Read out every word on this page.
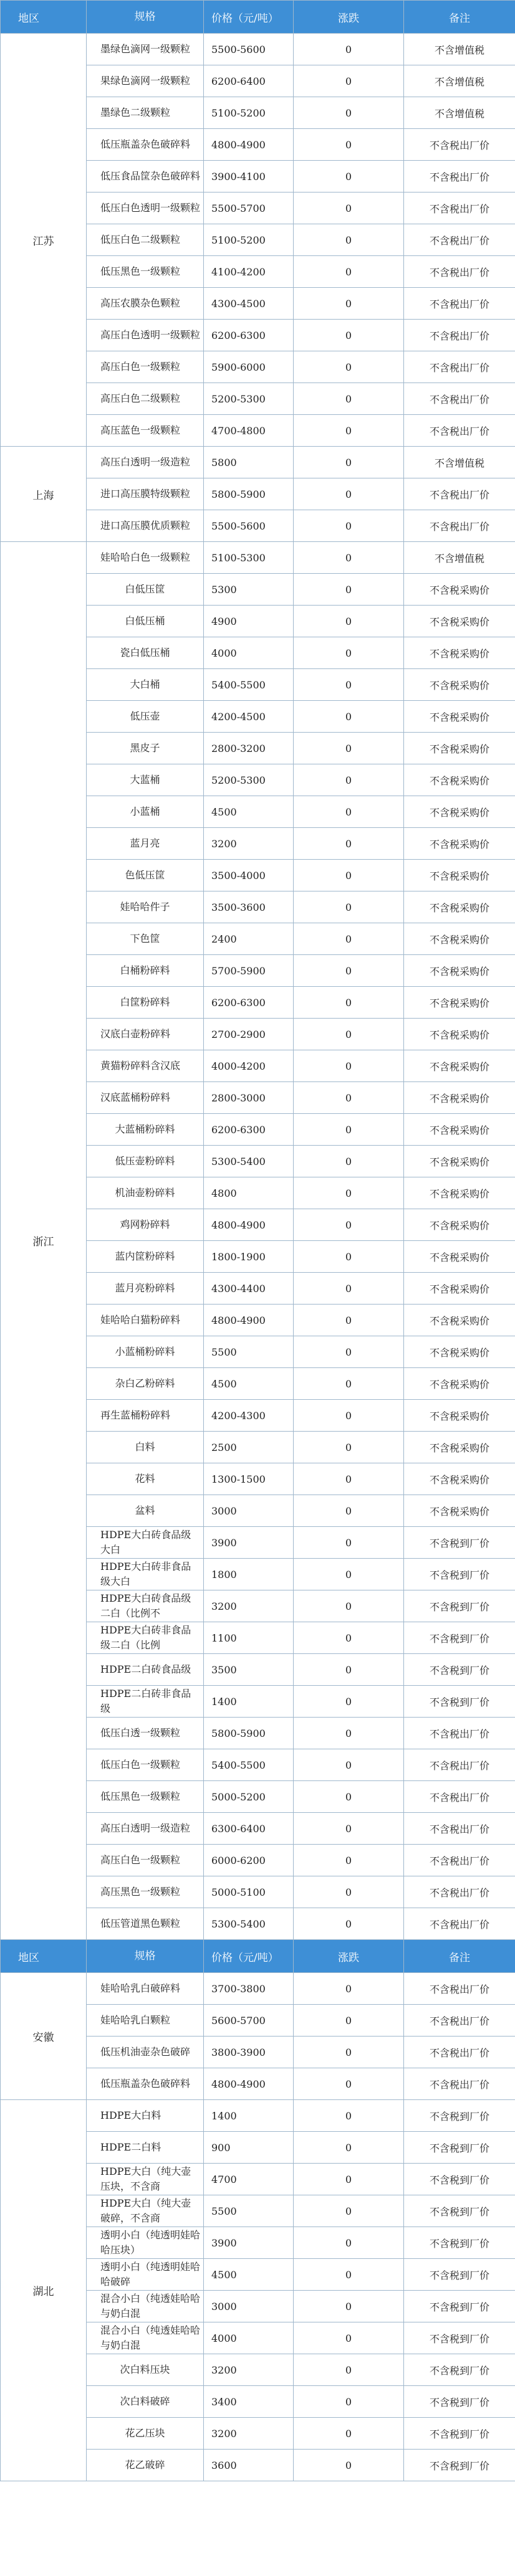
地区	规格	价格（元/吨）	涨跌	备注
江苏	墨绿色滴网一级颗粒	5500-5600	0	不含增值税
	果绿色滴网一级颗粒	6200-6400	0	不含增值税
	墨绿色二级颗粒	5100-5200	0	不含增值税
	低压瓶盖杂色破碎料	4800-4900	0	不含税出厂价
	低压食品筐杂色破碎料	3900-4100	0	不含税出厂价
	低压白色透明一级颗粒	5500-5700	0	不含税出厂价
	低压白色二级颗粒	5100-5200	0	不含税出厂价
	低压黑色一级颗粒	4100-4200	0	不含税出厂价
	高压农膜杂色颗粒	4300-4500	0	不含税出厂价
	高压白色透明一级颗粒	6200-6300	0	不含税出厂价
	高压白色一级颗粒	5900-6000	0	不含税出厂价
	高压白色二级颗粒	5200-5300	0	不含税出厂价
	高压蓝色一级颗粒	4700-4800	0	不含税出厂价
上海	高压白透明一级造粒	5800	0	不含增值税
	进口高压膜特级颗粒	5800-5900	0	不含税出厂价
	进口高压膜优质颗粒	5500-5600	0	不含税出厂价
浙江	娃哈哈白色一级颗粒	5100-5300	0	不含增值税
	白低压筐	5300	0	不含税采购价
	白低压桶	4900	0	不含税采购价
	瓷白低压桶	4000	0	不含税采购价
	大白桶	5400-5500	0	不含税采购价
	低压壶	4200-4500	0	不含税采购价
	黑皮子	2800-3200	0	不含税采购价
	大蓝桶	5200-5300	0	不含税采购价
	小蓝桶	4500	0	不含税采购价
	蓝月亮	3200	0	不含税采购价
	色低压筐	3500-4000	0	不含税采购价
	娃哈哈件子	3500-3600	0	不含税采购价
	下色筐	2400	0	不含税采购价
	白桶粉碎料	5700-5900	0	不含税采购价
	白筐粉碎料	6200-6300	0	不含税采购价
	汉底白壶粉碎料	2700-2900	0	不含税采购价
	黄猫粉碎料含汉底	4000-4200	0	不含税采购价
	汉底蓝桶粉碎料	2800-3000	0	不含税采购价
	大蓝桶粉碎料	6200-6300	0	不含税采购价
	低压壶粉碎料	5300-5400	0	不含税采购价
	机油壶粉碎料	4800	0	不含税采购价
	鸡网粉碎料	4800-4900	0	不含税采购价
	蓝内筐粉碎料	1800-1900	0	不含税采购价
	蓝月亮粉碎料	4300-4400	0	不含税采购价
	娃哈哈白猫粉碎料	4800-4900	0	不含税采购价
	小蓝桶粉碎料	5500	0	不含税采购价
	杂白乙粉碎料	4500	0	不含税采购价
	再生蓝桶粉碎料	4200-4300	0	不含税采购价
	白料	2500	0	不含税采购价
	花料	1300-1500	0	不含税采购价
	盆料	3000	0	不含税采购价
	HDPE大白砖食品级大白	3900	0	不含税到厂价
	HDPE大白砖非食品级大白	1800	0	不含税到厂价
	HDPE大白砖食品级二白（比例不	3200	0	不含税到厂价
	HDPE大白砖非食品级二白（比例	1100	0	不含税到厂价
	HDPE二白砖食品级	3500	0	不含税到厂价
	HDPE二白砖非食品级	1400	0	不含税到厂价
	低压白透一级颗粒	5800-5900	0	不含税出厂价
	低压白色一级颗粒	5400-5500	0	不含税出厂价
	低压黑色一级颗粒	5000-5200	0	不含税出厂价
	高压白透明一级造粒	6300-6400	0	不含税出厂价
	高压白色一级颗粒	6000-6200	0	不含税出厂价
	高压黑色一级颗粒	5000-5100	0	不含税出厂价
	低压管道黑色颗粒	5300-5400	0	不含税出厂价
地区	规格	价格（元/吨）	涨跌	备注
安徽	娃哈哈乳白破碎料	3700-3800	0	不含税出厂价
	娃哈哈乳白颗粒	5600-5700	0	不含税出厂价
	低压机油壶杂色破碎	3800-3900	0	不含税出厂价
	低压瓶盖杂色破碎料	4800-4900	0	不含税出厂价
湖北	HDPE大白料	1400	0	不含税到厂价
	HDPE二白料	900	0	不含税到厂价
	HDPE大白（纯大壶压块，不含商	4700	0	不含税到厂价
	HDPE大白（纯大壶破碎，不含商	5500	0	不含税到厂价
	透明小白（纯透明娃哈哈压块）	3900	0	不含税到厂价
	透明小白（纯透明娃哈哈破碎	4500	0	不含税到厂价
	混合小白（纯透娃哈哈与奶白混	3000	0	不含税到厂价
	混合小白（纯透娃哈哈与奶白混	4000	0	不含税到厂价
	次白料压块	3200	0	不含税到厂价
	次白料破碎	3400	0	不含税到厂价
	花乙压块	3200	0	不含税到厂价
	花乙破碎	3600	0	不含税到厂价
